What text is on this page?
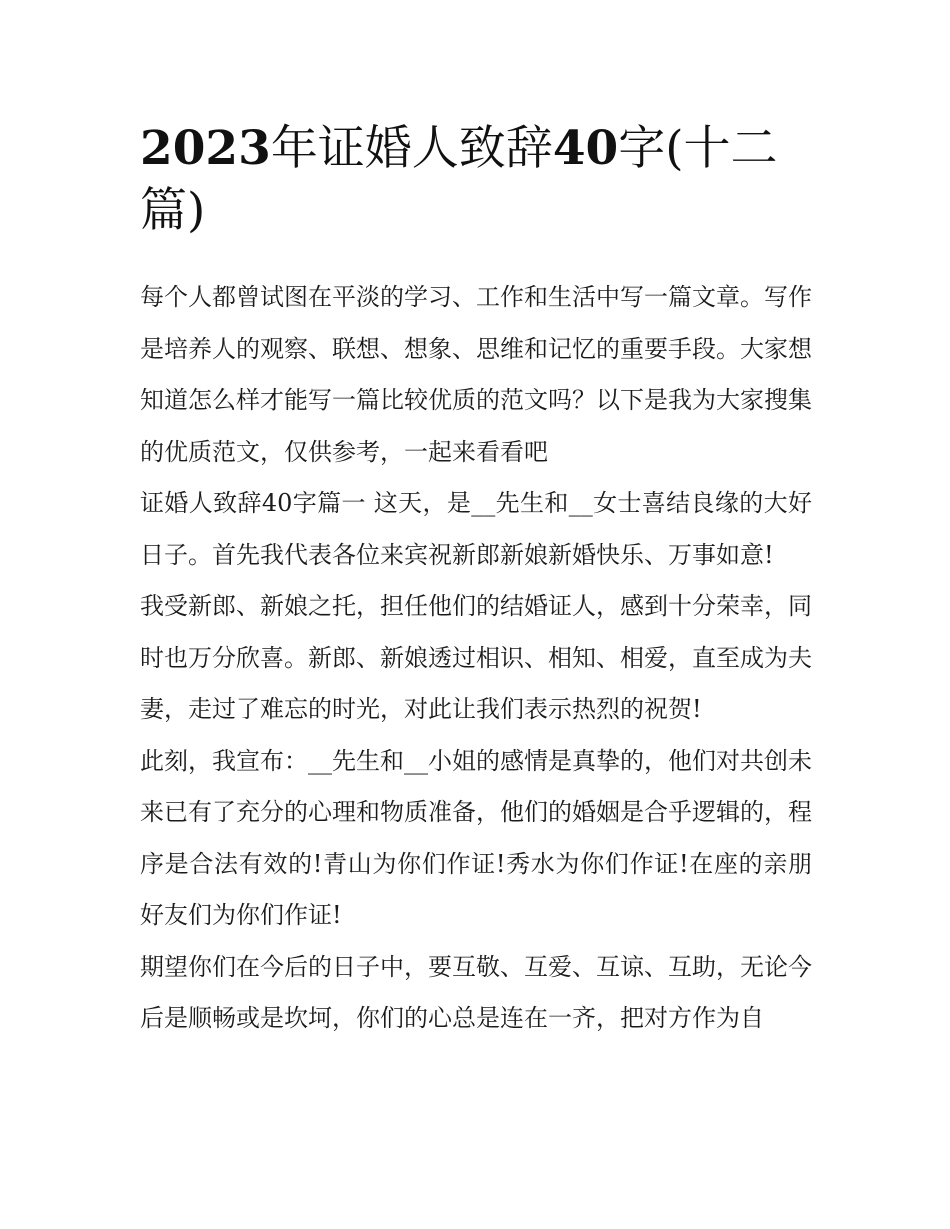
2023年证婚人致辞40字(十二篇)

每个人都曾试图在平淡的学习、工作和生活中写一篇文章。写作是培养人的观察、联想、想象、思维和记忆的重要手段。大家想知道怎么样才能写一篇比较优质的范文吗？以下是我为大家搜集的优质范文，仅供参考，一起来看看吧

证婚人致辞40字篇一 这天，是__先生和__女士喜结良缘的大好日子。首先我代表各位来宾祝新郎新娘新婚快乐、万事如意!

我受新郎、新娘之托，担任他们的结婚证人，感到十分荣幸，同时也万分欣喜。新郎、新娘透过相识、相知、相爱，直至成为夫妻，走过了难忘的时光，对此让我们表示热烈的祝贺!

此刻，我宣布：__先生和__小姐的感情是真挚的，他们对共创未来已有了充分的心理和物质准备，他们的婚姻是合乎逻辑的，程序是合法有效的!青山为你们作证!秀水为你们作证!在座的亲朋好友们为你们作证!

期望你们在今后的日子中，要互敬、互爱、互谅、互助，无论今后是顺畅或是坎坷，你们的心总是连在一齐，把对方作为自
